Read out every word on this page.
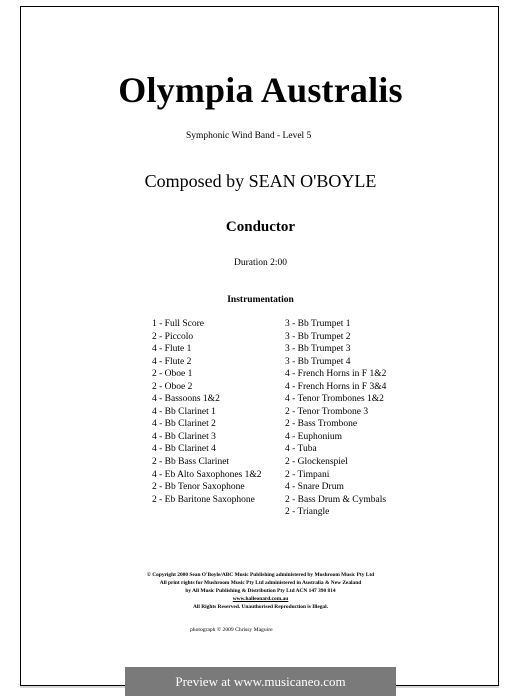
Olympia Australis
Symphonic Wind Band - Level 5
Composed by SEAN O'BOYLE
Conductor
Duration 2:00
Instrumentation
1 - Full Score
2 - Piccolo
4 - Flute 1
4 - Flute 2
2 - Oboe 1
2 - Oboe 2
4 - Bassoons 1&2
4 - Bb Clarinet 1
4 - Bb Clarinet 2
4 - Bb Clarinet 3
4 - Bb Clarinet 4
2 - Bb Bass Clarinet
4 - Eb Alto Saxophones 1&2
2 - Bb Tenor Saxophone
2 - Eb Baritone Saxophone
3 - Bb Trumpet 1
3 - Bb Trumpet 2
3 - Bb Trumpet 3
3 - Bb Trumpet 4
4 - French Horns in F 1&2
4 - French Horns in F 3&4
4 - Tenor Trombones 1&2
2 - Tenor Trombone 3
2 - Bass Trombone
4 - Euphonium
4 - Tuba
2 - Glockenspiel
2 - Timpani
4 - Snare Drum
2 - Bass Drum & Cymbals
2 - Triangle
© Copyright 2000 Sean O'Boyle/ABC Music Publishing administered by Mushroom Music Pty Ltd
All print rights for Mushroom Music Pty Ltd administered in Australia & New Zealand
by All Music Publishing & Distribution Pty Ltd ACN 147 390 814
www.halleonard.com.au
All Rights Reserved. Unauthorised Reproduction is Illegal.
photograph © 2009 Chrissy Maguire
Preview at www.musicaneo.com
